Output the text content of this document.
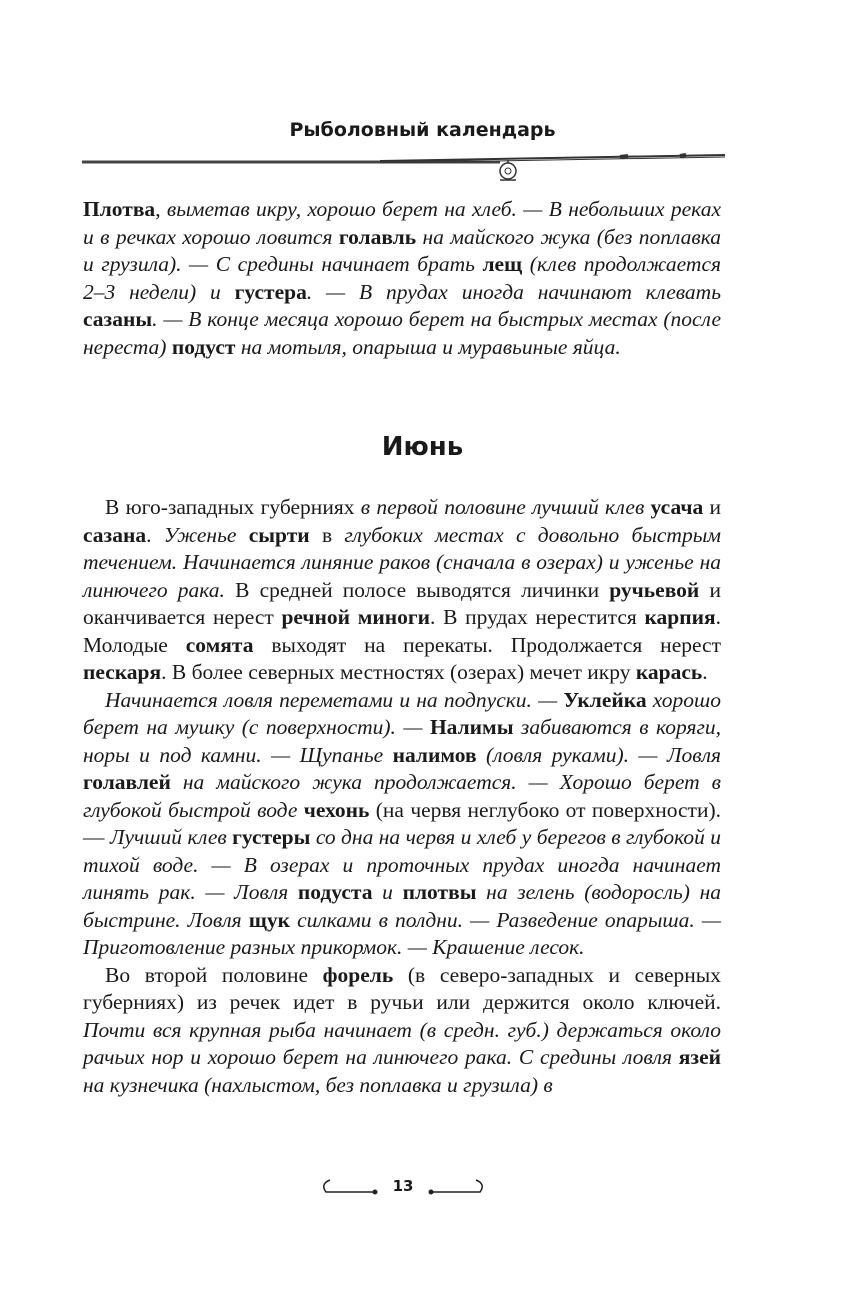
Рыболовный календарь

Плотва, выметав икру, хорошо берет на хлеб. — В небольших реках и в речках хорошо ловится голавль на майского жука (без поплавка и грузила). — С средины начинает брать лещ (клев продолжается 2–3 недели) и густера. — В прудах иногда начинают клевать сазаны. — В конце месяца хорошо берет на быстрых местах (после нереста) подуст на мотыля, опарыша и муравьиные яйца.

Июнь

В юго-западных губерниях в первой половине лучший клев усача и сазана. Уженье сырти в глубоких местах с довольно быстрым течением. Начинается линяние раков (сначала в озерах) и уженье на линючего рака. В средней полосе выводятся личинки ручьевой и оканчивается нерест речной миноги. В прудах нерестится карпия. Молодые сомята выходят на перекаты. Продолжается нерест пескаря. В более северных местностях (озерах) мечет икру карась.

Начинается ловля переметами и на подпуски. — Уклейка хорошо берет на мушку (с поверхности). — Налимы забиваются в коряги, норы и под камни. — Щупанье налимов (ловля руками). — Ловля голавлей на майского жука продолжается. — Хорошо берет в глубокой быстрой воде чехонь (на червя неглубоко от поверхности). — Лучший клев густеры со дна на червя и хлеб у берегов в глубокой и тихой воде. — В озерах и проточных прудах иногда начинает линять рак. — Ловля подуста и плотвы на зелень (водоросль) на быстрине. Ловля щук силками в полдни. — Разведение опарыша. — Приготовление разных прикормок. — Крашение лесок.

Во второй половине форель (в северо-западных и северных губерниях) из речек идет в ручьи или держится около ключей. Почти вся крупная рыба начинает (в средн. губ.) держаться около рачьих нор и хорошо берет на линючего рака. С средины ловля язей на кузнечика (нахлыстом, без поплавка и грузила) в

13
